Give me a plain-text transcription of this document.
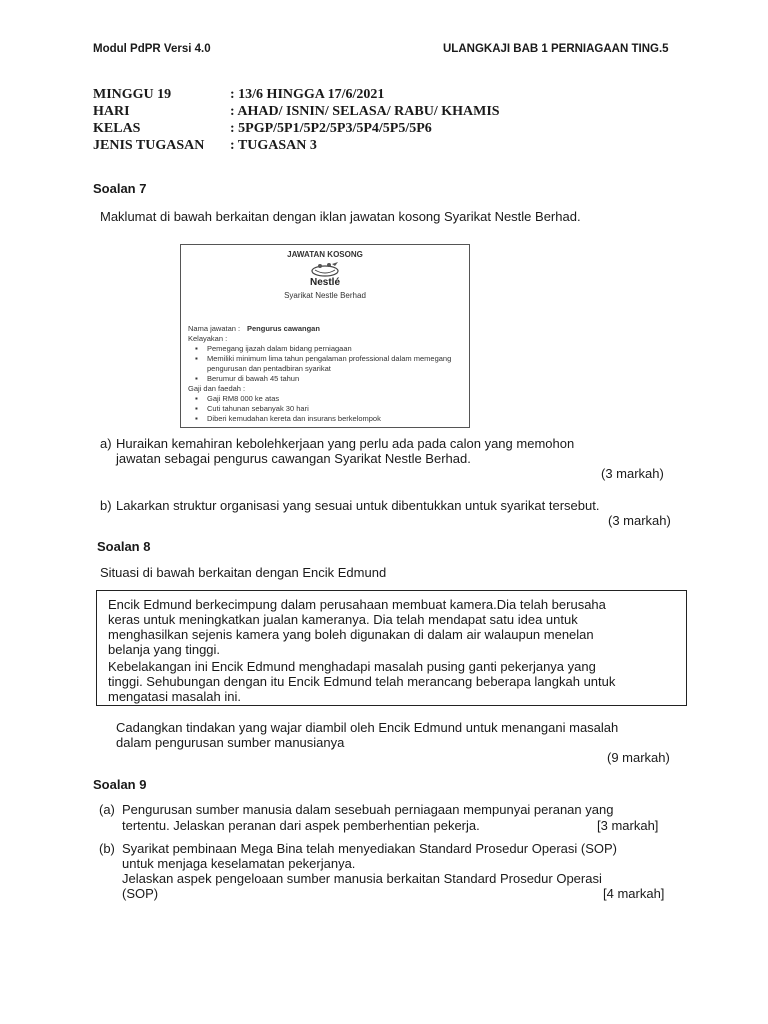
Modul PdPR Versi 4.0	ULANGKAJI BAB 1 PERNIAGAAN TING.5
MINGGU 19	: 13/6 HINGGA 17/6/2021
HARI	: AHAD/ ISNIN/ SELASA/ RABU/ KHAMIS
KELAS	: 5PGP/5P1/5P2/5P3/5P4/5P5/5P6
JENIS TUGASAN : TUGASAN 3
Soalan 7
Maklumat di bawah berkaitan dengan iklan jawatan kosong Syarikat Nestle Berhad.
JAWATAN KOSONG
Nestlé
Syarikat Nestle Berhad
Nama jawatan : Pengurus cawangan
Kelayakan :
▪ Pemegang ijazah dalam bidang perniagaan
▪ Memiliki minimum lima tahun pengalaman professional dalam memegang
pengurusan dan pentadbiran syarikat
▪ Berumur di bawah 45 tahun
Gaji dan faedah :
▪ Gaji RM8 000 ke atas
▪ Cuti tahunan sebanyak 30 hari
▪ Diberi kemudahan kereta dan insurans berkelompok
a) Huraikan kemahiran kebolehkerjaan yang perlu ada pada calon yang memohon
jawatan sebagai pengurus cawangan Syarikat Nestle Berhad.
(3 markah)
b) Lakarkan struktur organisasi yang sesuai untuk dibentukkan untuk syarikat tersebut.
(3 markah)
Soalan 8
Situasi di bawah berkaitan dengan Encik Edmund
Encik Edmund berkecimpung dalam perusahaan membuat kamera.Dia telah berusaha
keras untuk meningkatkan jualan kameranya. Dia telah mendapat satu idea untuk
menghasilkan sejenis kamera yang boleh digunakan di dalam air walaupun menelan
belanja yang tinggi.
Kebelakangan ini Encik Edmund menghadapi masalah pusing ganti pekerjanya yang
tinggi. Sehubungan dengan itu Encik Edmund telah merancang beberapa langkah untuk
mengatasi masalah ini.
Cadangkan tindakan yang wajar diambil oleh Encik Edmund untuk menangani masalah
dalam pengurusan sumber manusianya
(9 markah)
Soalan 9
(a) Pengurusan sumber manusia dalam sesebuah perniagaan mempunyai peranan yang
tertentu. Jelaskan peranan dari aspek pemberhentian pekerja.	[3 markah]
(b) Syarikat pembinaan Mega Bina telah menyediakan Standard Prosedur Operasi (SOP)
untuk menjaga keselamatan pekerjanya.
Jelaskan aspek pengeloaan sumber manusia berkaitan Standard Prosedur Operasi
(SOP)	[4 markah]
